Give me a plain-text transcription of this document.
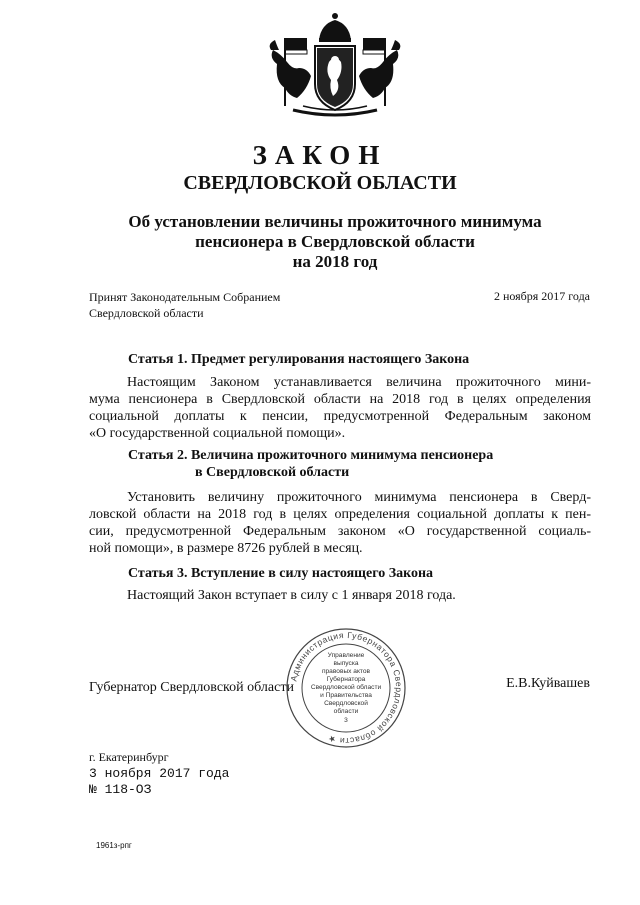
ЗАКОН
СВЕРДЛОВСКОЙ ОБЛАСТИ
Об установлении величины прожиточного минимума
пенсионера в Свердловской области
на 2018 год
Принят Законодательным Собранием
Свердловской области
2 ноября 2017 года
Статья 1. Предмет регулирования настоящего Закона
Настоящим Законом устанавливается величина прожиточного мини-
мума пенсионера в Свердловской области на 2018 год в целях определения
социальной доплаты к пенсии, предусмотренной Федеральным законом
«О государственной социальной помощи».
Статья 2. Величина прожиточного минимума пенсионера
в Свердловской области
Установить величину прожиточного минимума пенсионера в Сверд-
ловской области на 2018 год в целях определения социальной доплаты к пен-
сии, предусмотренной Федеральным законом «О государственной социаль-
ной помощи», в размере 8726 рублей в месяц.
Статья 3. Вступление в силу настоящего Закона
Настоящий Закон вступает в силу с 1 января 2018 года.
Губернатор Свердловской области	Е.В.Куйвашев
Администрация Губернатора Свердловской области ★
Управление
выпуска
правовых актов
Губернатора
Свердловской области
и Правительства
Свердловской
области
3
г. Екатеринбург
3 ноября 2017 года
№ 118-ОЗ
1961з-рпг
